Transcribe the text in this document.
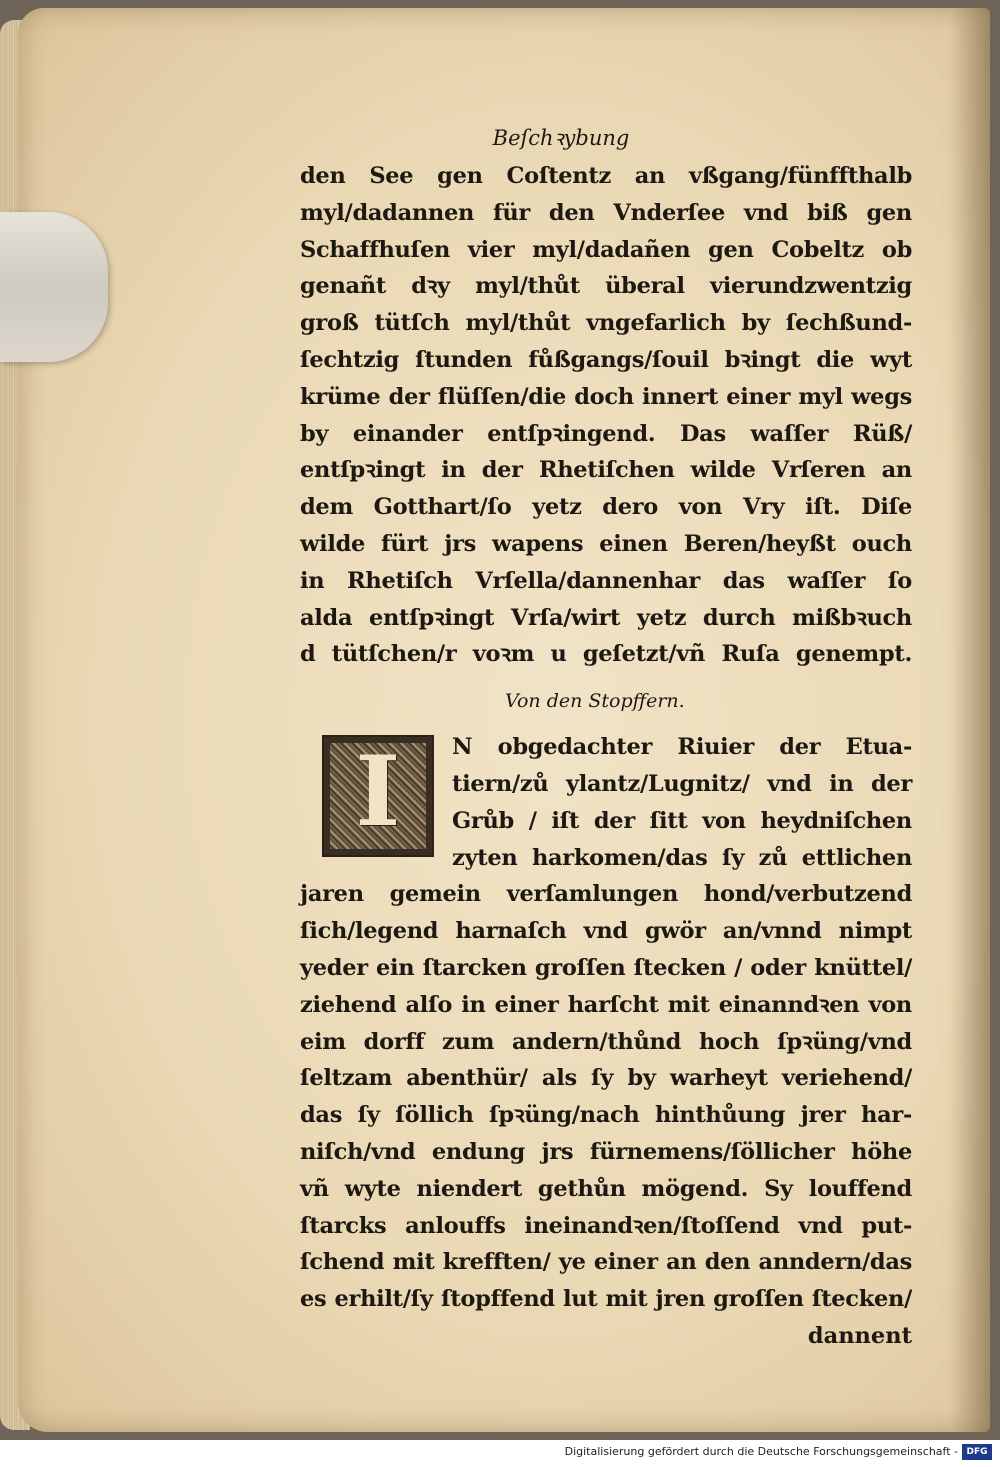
Beſchꝛybung
den See gen Coſtentz an vßgang/fünffthalb
myl/dadannen für den Vnderſee vnd biß gen
Schaffhuſen vier myl/dadañen gen Cobeltz ob
genañt dꝛy myl/thůt überal vierundzwentzig
groß tütſch myl/thůt vngefarlich by ſechßund-
ſechtzig ſtunden fůßgangs/ſouil bꝛingt die wyt
krüme der flüſſen/die doch innert einer myl wegs
by einander entſpꝛingend. Das waſſer Rüß/
entſpꝛingt in der Rhetiſchen wilde Vrſeren an
dem Gotthart/ſo yetz dero von Vry iſt. Diſe
wilde fürt jrs wapens einen Beren/heyßt ouch
in Rhetiſch Vrſella/dannenhar das waſſer ſo
alda entſpꝛingt Vrſa/wirt yetz durch mißbꝛuch
d tütſchen/r voꝛm u geſetzt/vñ Ruſa genempt.
Von den Stopffern.
I	N obgedachter Riuier der Etua-
tiern/zů ylantz/Lugnitz/ vnd in der
Grůb / iſt der ſitt von heydniſchen
zyten harkomen/das ſy zů ettlichen
jaren gemein verſamlungen hond/verbutzend
ſich/legend harnaſch vnd gwör an/vnnd nimpt
yeder ein ſtarcken groſſen ſtecken / oder knüttel/
ziehend alſo in einer harſcht mit einanndꝛen von
eim dorff zum andern/thůnd hoch ſpꝛüng/vnd
ſeltzam abenthür/ als ſy by warheyt veriehend/
das ſy ſöllich ſpꝛüng/nach hinthůung jrer har-
niſch/vnd endung jrs fürnemens/ſöllicher höhe
vñ wyte niendert gethůn mögend. Sy louffend
ſtarcks anlouffs ineinandꝛen/ſtoſſend vnd put-
ſchend mit krefften/ ye einer an den anndern/das
es erhilt/ſy ſtopffend lut mit jren groſſen ſtecken/
dannent
Digitalisierung gefördert durch die Deutsche Forschungsgemeinschaft - DFG
